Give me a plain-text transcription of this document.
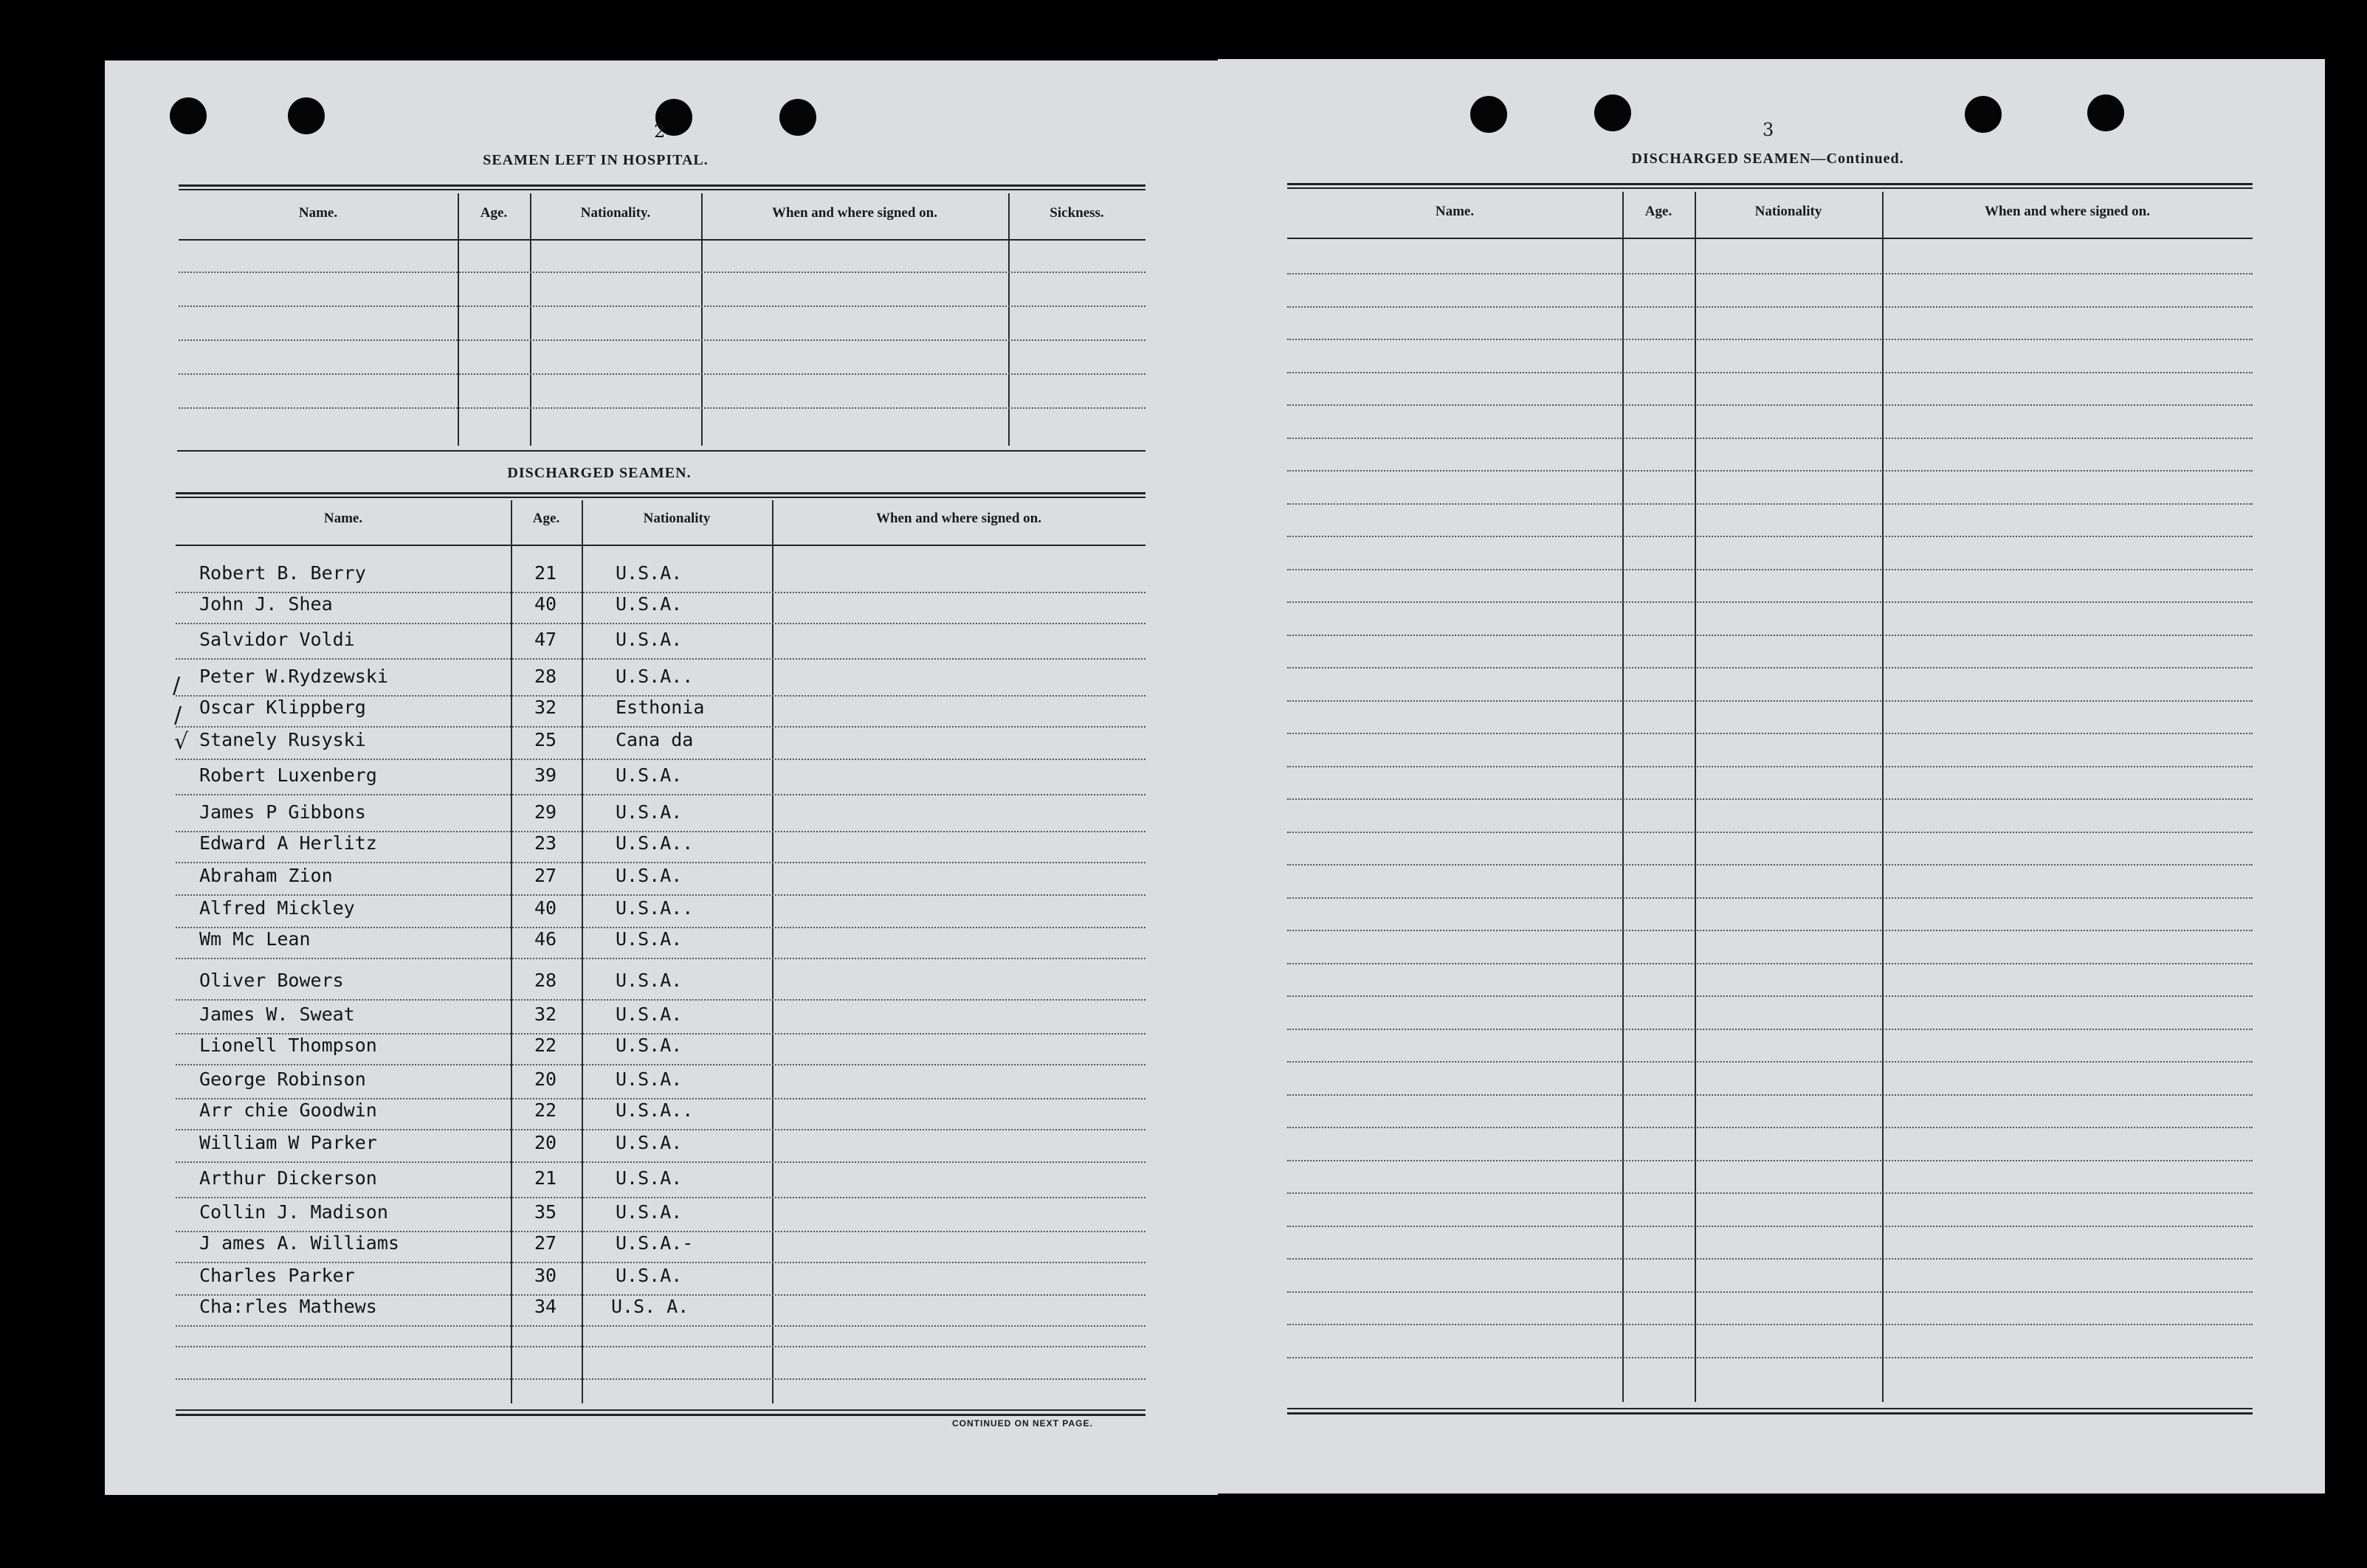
2
SEAMEN LEFT IN HOSPITAL.
DISCHARGED SEAMEN.
CONTINUED ON NEXT PAGE.
Name.	Age.	Nationality.	When and where signed on.	Sickness.
Name.	Age.	Nationality	When and where signed on.
Robert B. Berry	21	U.S.A.
John J. Shea	40	U.S.A.
Salvidor Voldi	47	U.S.A.
Peter W.Rydzewski	28	U.S.A..
Oscar Klippberg	32	Esthonia
Stanely Rusyski	25	Cana da
Robert Luxenberg	39	U.S.A.
James P Gibbons	29	U.S.A.
Edward A Herlitz	23	U.S.A..
Abraham Zion	27	U.S.A.
Alfred Mickley	40	U.S.A..
Wm Mc Lean	46	U.S.A.
Oliver Bowers	28	U.S.A.
James W. Sweat	32	U.S.A.
Lionell Thompson	22	U.S.A.
George Robinson	20	U.S.A.
Arr chie Goodwin	22	U.S.A..
William W Parker	20	U.S.A.
Arthur Dickerson	21	U.S.A.
Collin J. Madison	35	U.S.A.
J ames A. Williams	27	U.S.A.-
Charles Parker	30	U.S.A.
Cha:rles Mathews	34	U.S. A.
/
/
√
3
DISCHARGED SEAMEN—Continued.
Name.	Age.	Nationality	When and where signed on.
